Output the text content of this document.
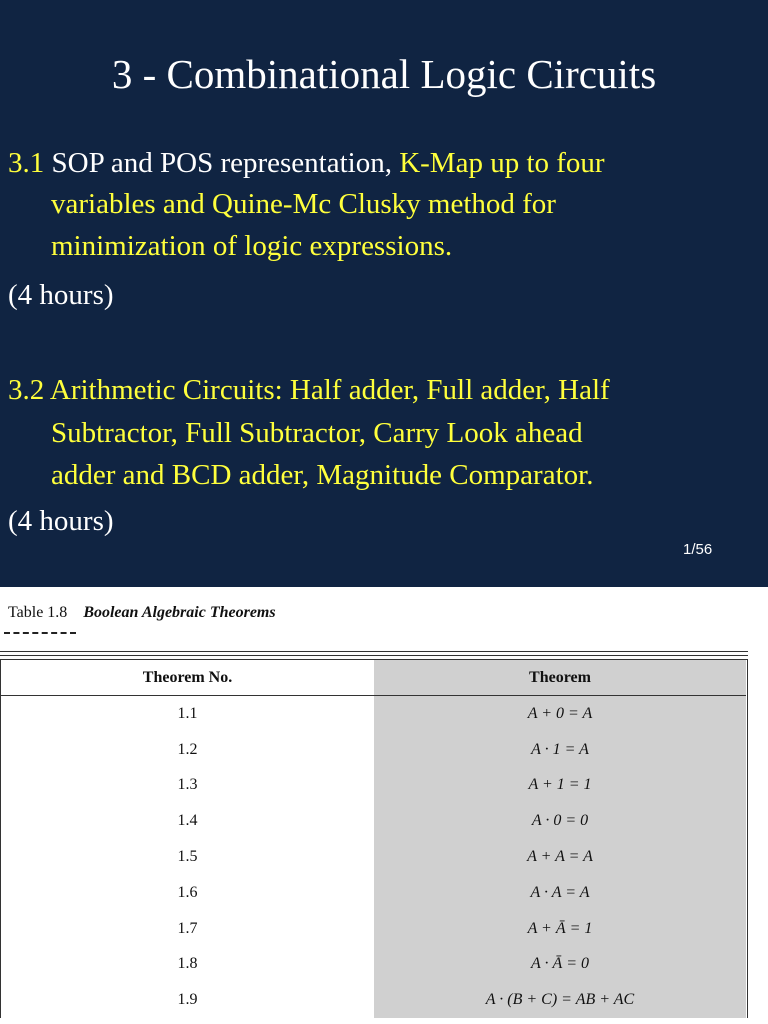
3 - Combinational Logic Circuits
3.1 SOP and POS representation, K-Map up to four
variables and Quine-Mc Clusky method for
minimization of logic expressions.
(4 hours)
3.2 Arithmetic Circuits: Half adder, Full adder, Half
Subtractor, Full Subtractor, Carry Look ahead
adder and BCD adder, Magnitude Comparator.
(4 hours)
1/56
Table 1.8 Boolean Algebraic Theorems
Theorem No.	Theorem
1.1	A + 0 = A
1.2	A · 1 = A
1.3	A + 1 = 1
1.4	A · 0 = 0
1.5	A + A = A
1.6	A · A = A
1.7	A + Ā = 1
1.8	A · Ā = 0
1.9	A · (B + C) = AB + AC
